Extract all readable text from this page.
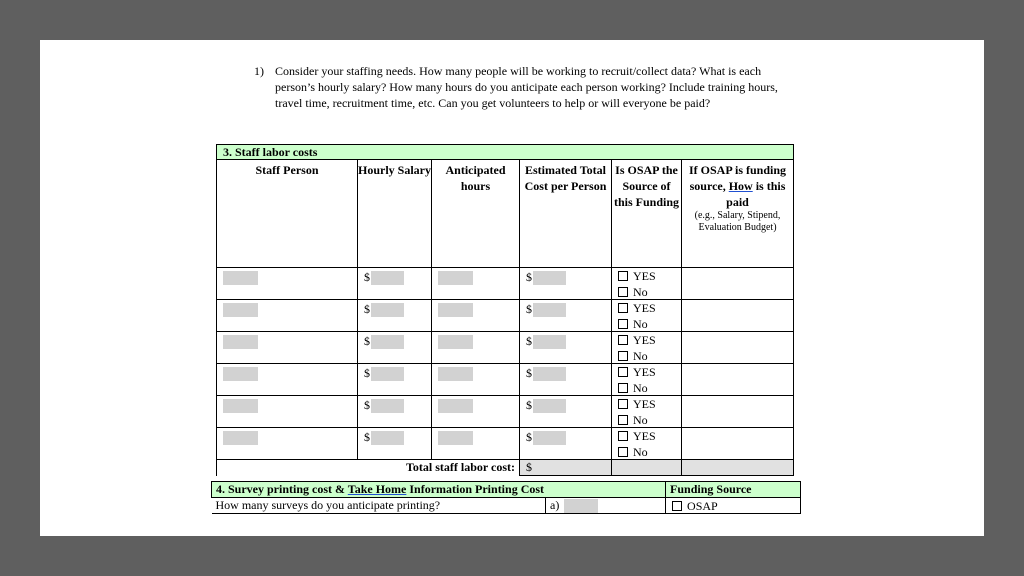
1) Consider your staffing needs. How many people will be working to recruit/collect data? What is each person’s hourly salary? How many hours do you anticipate each person working? Include training hours, travel time, recruitment time, etc. Can you get volunteers to help or will everyone be paid?
3. Staff labor costs					
Staff Person	Hourly Salary	Anticipated hours	Estimated Total Cost per Person	Is OSAP the Source of this Funding	If OSAP is funding source, How is this paid
(e.g., Salary, Stipend, Evaluation Budget)

	$		$	YES
No	

	$		$	YES
No	

	$		$	YES
No	

	$		$	YES
No	

	$		$	YES
No	

	$		$	YES
No	

Total staff labor cost:			$		

4. Survey printing cost & Take Home Information Printing Cost		Funding Source
How many surveys do you anticipate printing?	a)	OSAP
